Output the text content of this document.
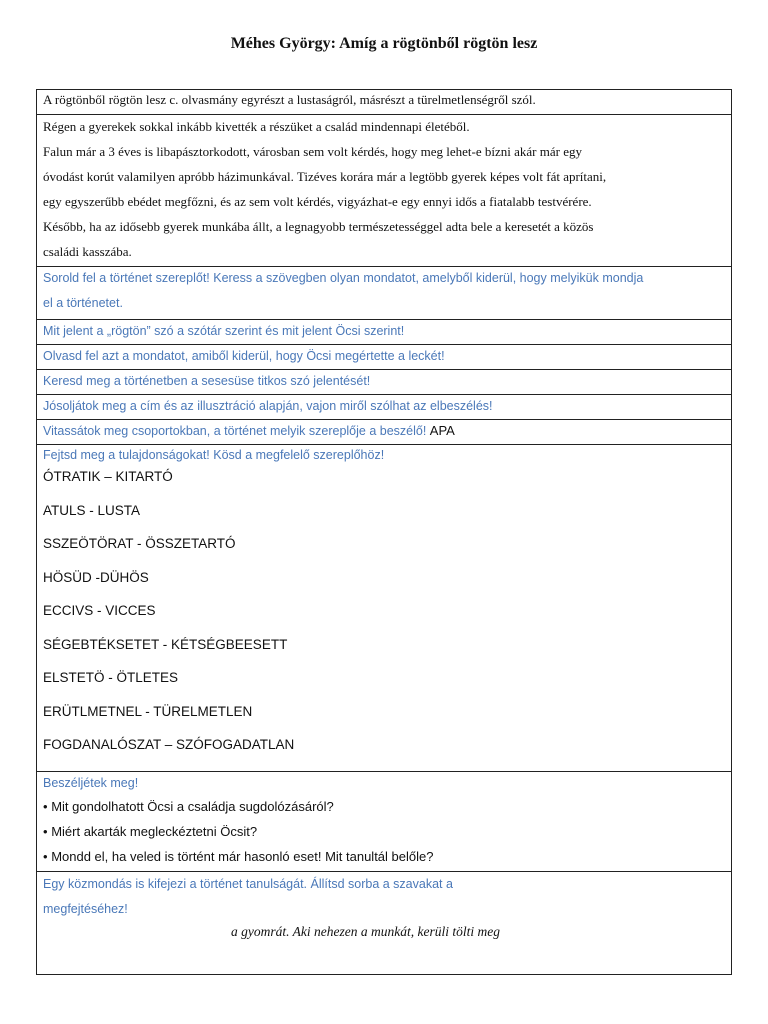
Méhes György: Amíg a rögtönből rögtön lesz
A rögtönből rögtön lesz c. olvasmány egyrészt a lustaságról, másrészt a türelmetlenségről szól.
Régen a gyerekek sokkal inkább kivették a részüket a család mindennapi életéből.
Falun már a 3 éves is libapásztorkodott, városban sem volt kérdés, hogy meg lehet-e bízni akár már egy
óvodást korút valamilyen apróbb házimunkával. Tizéves korára már a legtöbb gyerek képes volt fát aprítani,
egy egyszerűbb ebédet megfőzni, és az sem volt kérdés, vigyázhat-e egy ennyi idős a fiatalabb testvérére.
Később, ha az idősebb gyerek munkába állt, a legnagyobb természetességgel adta bele a keresetét a közös
családi kasszába.
Sorold fel a történet szereplőt! Keress a szövegben olyan mondatot, amelyből kiderül, hogy melyikük mondja
el a történetet.
Mit jelent a „rögtön” szó a szótár szerint és mit jelent Öcsi szerint!
Olvasd fel azt a mondatot, amiből kiderül, hogy Öcsi megértette a leckét!
Keresd meg a történetben a sesesüse titkos szó jelentését!
Jósoljátok meg a cím és az illusztráció alapján, vajon miről szólhat az elbeszélés!
Vitassátok meg csoportokban, a történet melyik szereplője a beszélő! APA
Fejtsd meg a tulajdonságokat! Kösd a megfelelő szereplőhöz!
ÓTRATIK – KITARTÓ
ATULS - LUSTA
SSZEÖTÖRAT - ÖSSZETARTÓ
HÖSÜD -DÜHÖS
ECCIVS - VICCES
SÉGEBTÉKSETET - KÉTSÉGBEESETT
ELSTETÖ - ÖTLETES
ERÜTLMETNEL - TÜRELMETLEN
FOGDANALÓSZAT – SZÓFOGADATLAN
Beszéljétek meg!
• Mit gondolhatott Öcsi a családja sugdolózásáról?
• Miért akarták megleckéztetni Öcsit?
• Mondd el, ha veled is történt már hasonló eset! Mit tanultál belőle?
Egy közmondás is kifejezi a történet tanulságát. Állítsd sorba a szavakat a
megfejtéséhez!
a gyomrát. Aki nehezen a munkát, kerüli tölti meg
